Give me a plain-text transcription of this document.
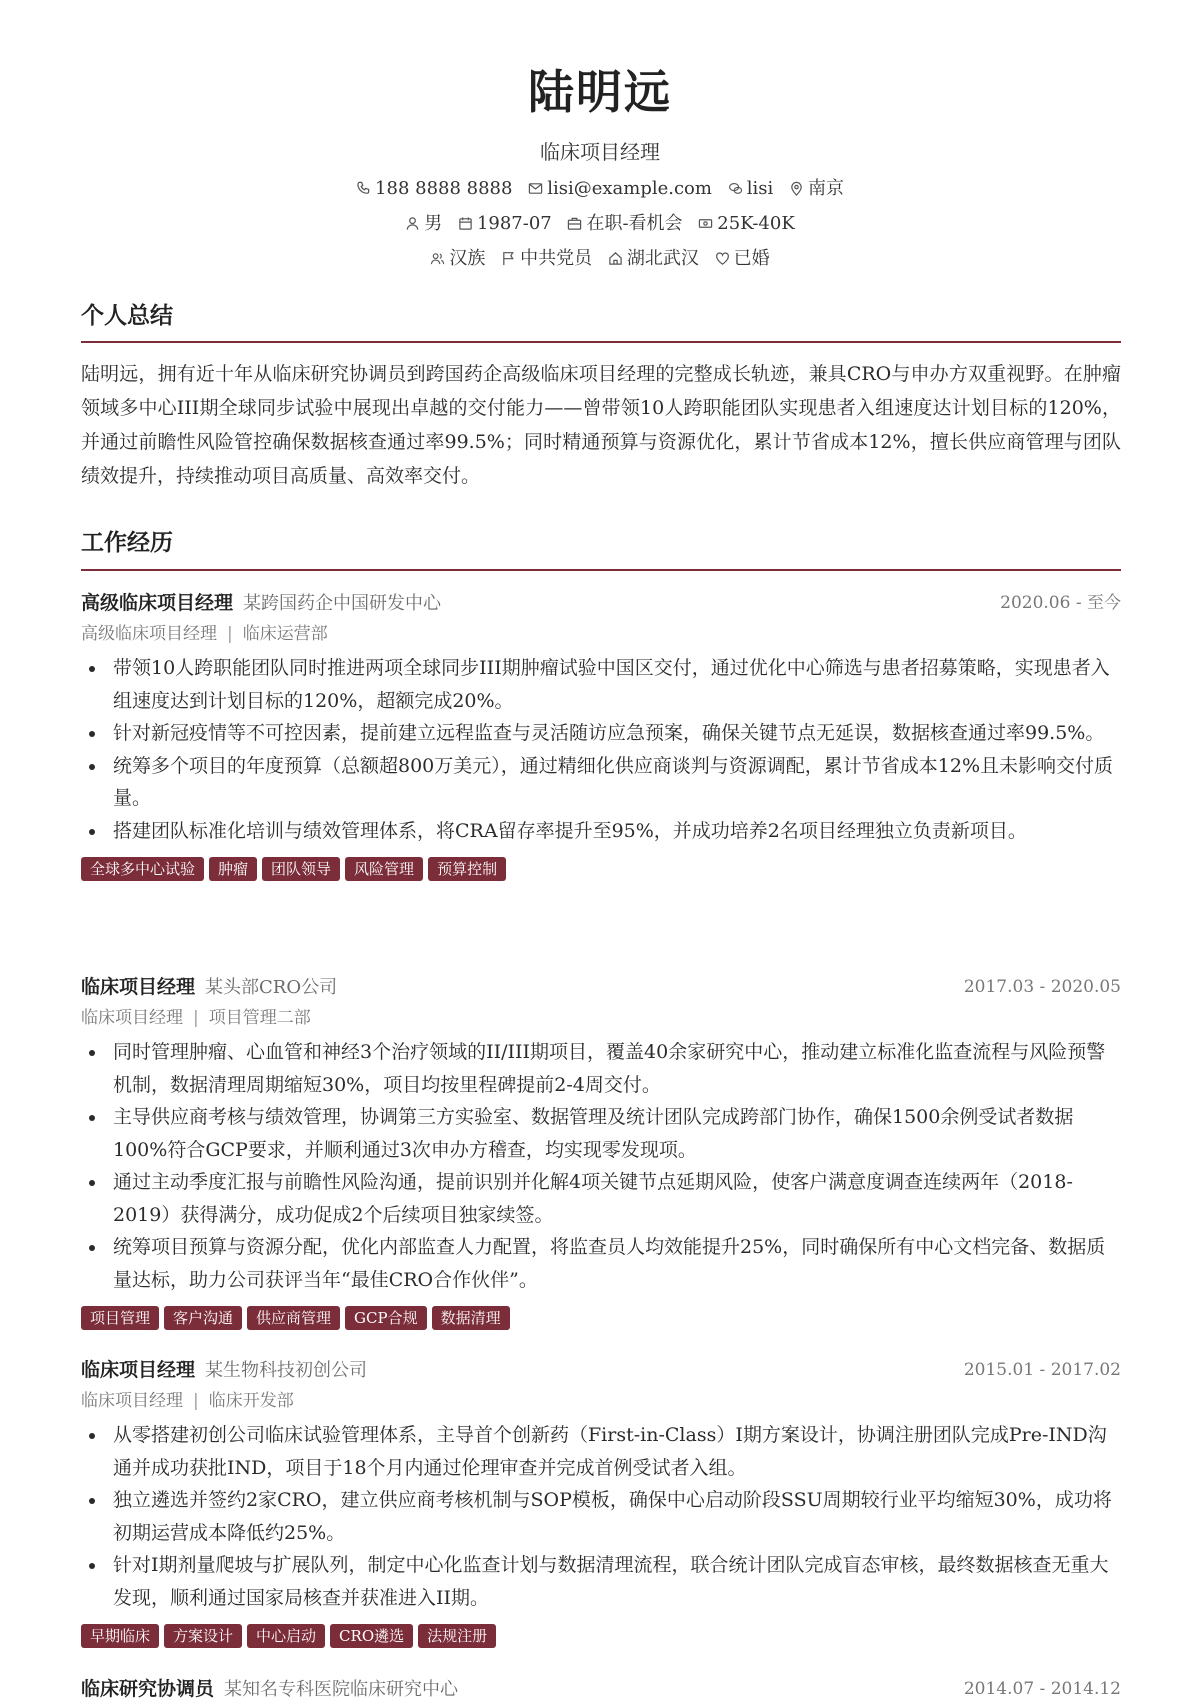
陆明远
临床项目经理
188 8888 8888 lisi@example.com lisi 南京
男 1987-07 在职-看机会 25K-40K
汉族 中共党员 湖北武汉 已婚
个人总结

陆明远，拥有近十年从临床研究协调员到跨国药企高级临床项目经理的完整成长轨迹，兼具CRO与申办方双重视野。在肿瘤领域多中心III期全球同步试验中展现出卓越的交付能力——曾带领10人跨职能团队实现患者入组速度达计划目标的120%，并通过前瞻性风险管控确保数据核查通过率99.5%；同时精通预算与资源优化，累计节省成本12%，擅长供应商管理与团队绩效提升，持续推动项目高质量、高效率交付。

工作经历
高级临床项目经理 某跨国药企中国研发中心	2020.06 - 至今
高级临床项目经理 | 临床运营部
带领10人跨职能团队同时推进两项全球同步III期肿瘤试验中国区交付，通过优化中心筛选与患者招募策略，实现患者入组速度达到计划目标的120%，超额完成20%。
针对新冠疫情等不可控因素，提前建立远程监查与灵活随访应急预案，确保关键节点无延误，数据核查通过率99.5%。
统筹多个项目的年度预算（总额超800万美元），通过精细化供应商谈判与资源调配，累计节省成本12%且未影响交付质量。
搭建团队标准化培训与绩效管理体系，将CRA留存率提升至95%，并成功培养2名项目经理独立负责新项目。
全球多中心试验 肿瘤 团队领导 风险管理 预算控制
临床项目经理 某头部CRO公司	2017.03 - 2020.05
临床项目经理 | 项目管理二部
同时管理肿瘤、心血管和神经3个治疗领域的II/III期项目，覆盖40余家研究中心，推动建立标准化监查流程与风险预警机制，数据清理周期缩短30%，项目均按里程碑提前2-4周交付。
主导供应商考核与绩效管理，协调第三方实验室、数据管理及统计团队完成跨部门协作，确保1500余例受试者数据100%符合GCP要求，并顺利通过3次申办方稽查，均实现零发现项。
通过主动季度汇报与前瞻性风险沟通，提前识别并化解4项关键节点延期风险，使客户满意度调查连续两年（2018-2019）获得满分，成功促成2个后续项目独家续签。
统筹项目预算与资源分配，优化内部监查人力配置，将监查员人均效能提升25%，同时确保所有中心文档完备、数据质量达标，助力公司获评当年“最佳CRO合作伙伴”。
项目管理 客户沟通 供应商管理 GCP合规 数据清理
临床项目经理 某生物科技初创公司	2015.01 - 2017.02
临床项目经理 | 临床开发部
从零搭建初创公司临床试验管理体系，主导首个创新药（First-in-Class）I期方案设计，协调注册团队完成Pre-IND沟通并成功获批IND，项目于18个月内通过伦理审查并完成首例受试者入组。
独立遴选并签约2家CRO，建立供应商考核机制与SOP模板，确保中心启动阶段SSU周期较行业平均缩短30%，成功将初期运营成本降低约25%。
针对I期剂量爬坡与扩展队列，制定中心化监查计划与数据清理流程，联合统计团队完成盲态审核，最终数据核查无重大发现，顺利通过国家局核查并获准进入II期。
早期临床 方案设计 中心启动 CRO遴选 法规注册
临床研究协调员 某知名专科医院临床研究中心	2014.07 - 2014.12
